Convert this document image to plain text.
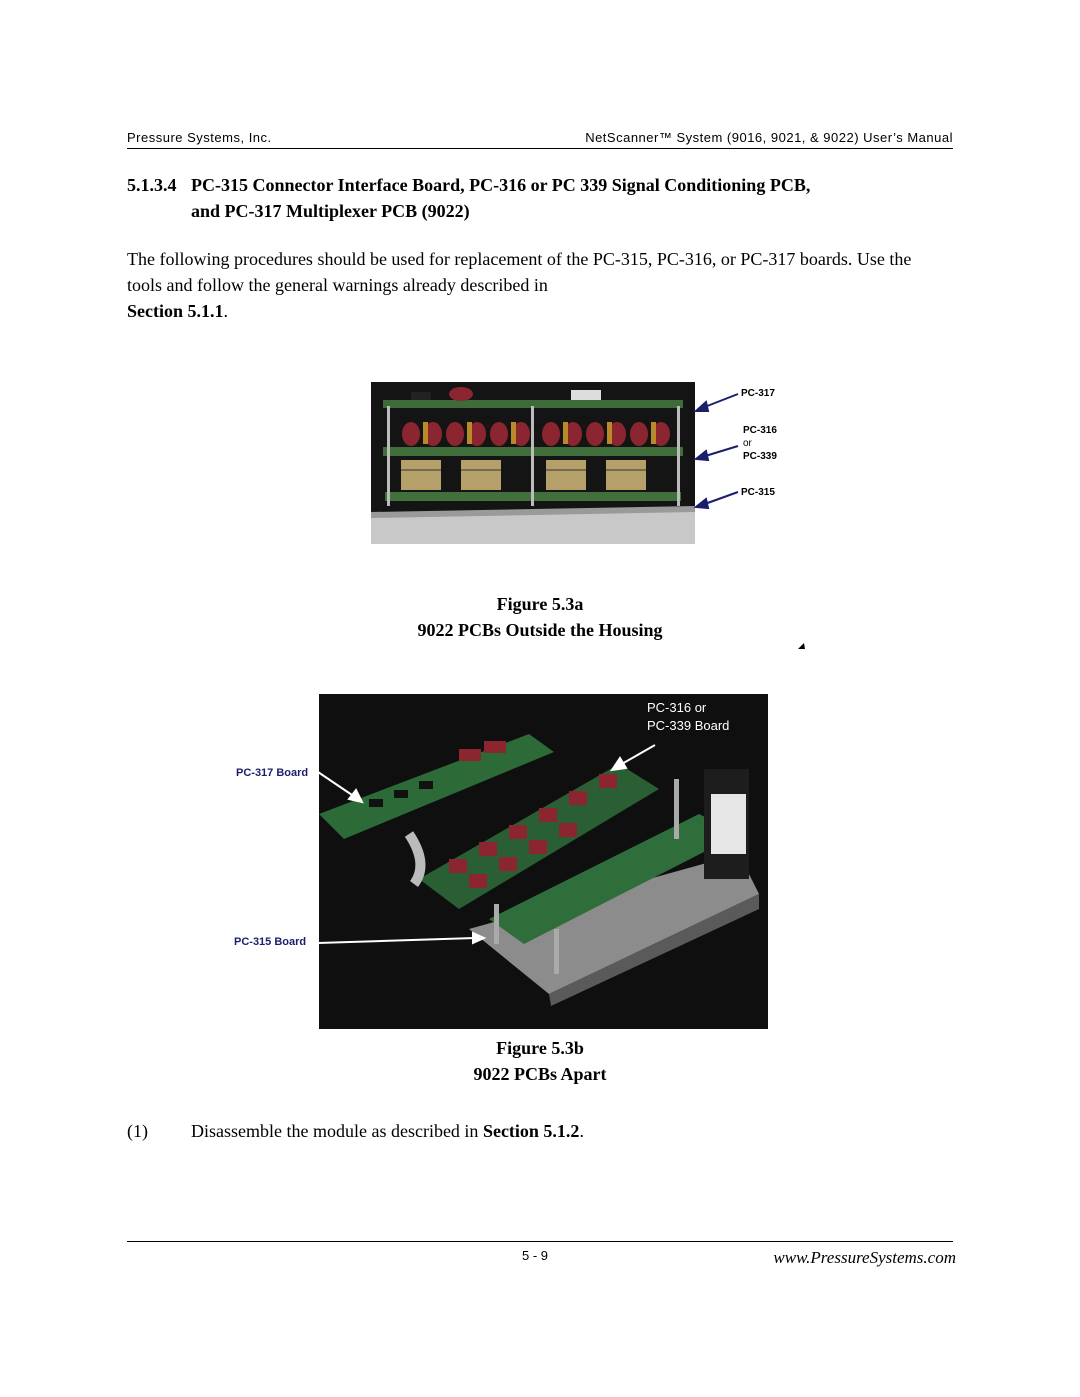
Pressure Systems, Inc.	NetScanner™ System (9016, 9021, & 9022) User’s Manual
5.1.3.4 PC-315 Connector Interface Board, PC-316 or PC 339 Signal Conditioning PCB,
and PC-317 Multiplexer PCB (9022)
The following procedures should be used for replacement of the PC-315, PC-316, or PC-317 boards. Use the tools and follow the general warnings already described in
Section 5.1.1.
PC-317
PC-316
or
PC-339
PC-315
Figure 5.3a
9022 PCBs Outside the Housing
PC-316 or
PC-339 Board
PC-317 Board
PC-315 Board
Figure 5.3b
9022 PCBs Apart
(1) Disassemble the module as described in Section 5.1.2.
5 - 9	www.PressureSystems.com
